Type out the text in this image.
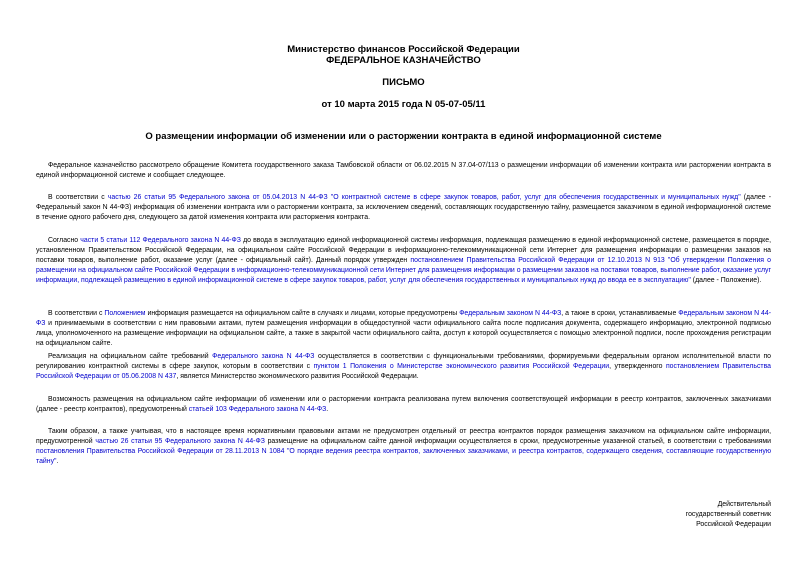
Министерство финансов Российской Федерации

ФЕДЕРАЛЬНОЕ КАЗНАЧЕЙСТВО

ПИСЬМО

от 10 марта 2015 года N 05-07-05/11

О размещении информации об изменении или о расторжении контракта в единой информационной системе

Федеральное казначейство рассмотрело обращение Комитета государственного заказа Тамбовской области от 06.02.2015 N 37.04-07/113 о размещении информации об изменении контракта или расторжении контракта в единой информационной системе и сообщает следующее.

В соответствии с частью 26 статьи 95 Федерального закона от 05.04.2013 N 44-ФЗ "О контрактной системе в сфере закупок товаров, работ, услуг для обеспечения государственных и муниципальных нужд" (далее - Федеральный закон N 44-ФЗ) информация об изменении контракта или о расторжении контракта, за исключением сведений, составляющих государственную тайну, размещается заказчиком в единой информационной системе в течение одного рабочего дня, следующего за датой изменения контракта или расторжения контракта.

Согласно части 5 статьи 112 Федерального закона N 44-ФЗ до ввода в эксплуатацию единой информационной системы информация, подлежащая размещению в единой информационной системе, размещается в порядке, установленном Правительством Российской Федерации, на официальном сайте Российской Федерации в информационно-телекоммуникационной сети Интернет для размещения информации о размещении заказов на поставки товаров, выполнение работ, оказание услуг (далее - официальный сайт). Данный порядок утвержден постановлением Правительства Российской Федерации от 12.10.2013 N 913 "Об утверждении Положения о размещении на официальном сайте Российской Федерации в информационно-телекоммуникационной сети Интернет для размещения информации о размещении заказов на поставки товаров, выполнение работ, оказание услуг информации, подлежащей размещению в единой информационной системе в сфере закупок товаров, работ, услуг для обеспечения государственных и муниципальных нужд до ввода ее в эксплуатацию" (далее - Положение).

В соответствии с Положением информация размещается на официальном сайте в случаях и лицами, которые предусмотрены Федеральным законом N 44-ФЗ, а также в сроки, устанавливаемые Федеральным законом N 44-ФЗ и принимаемыми в соответствии с ним правовыми актами, путем размещения информации в общедоступной части официального сайта после подписания документа, содержащего информацию, электронной подписью лица, уполномоченного на размещение информации на официальном сайте, а также в закрытой части официального сайта, доступ к которой осуществляется с помощью электронной подписи, после прохождения регистрации на официальном сайте.

Реализация на официальном сайте требований Федерального закона N 44-ФЗ осуществляется в соответствии с функциональными требованиями, формируемыми федеральным органом исполнительной власти по регулированию контрактной системы в сфере закупок, которым в соответствии с пунктом 1 Положения о Министерстве экономического развития Российской Федерации, утвержденного постановлением Правительства Российской Федерации от 05.06.2008 N 437, является Министерство экономического развития Российской Федерации.

Возможность размещения на официальном сайте информации об изменении или о расторжении контракта реализована путем включения соответствующей информации в реестр контрактов, заключенных заказчиками (далее - реестр контрактов), предусмотренный статьей 103 Федерального закона N 44-ФЗ.

Таким образом, а также учитывая, что в настоящее время нормативными правовыми актами не предусмотрен отдельный от реестра контрактов порядок размещения заказчиком на официальном сайте информации, предусмотренной частью 26 статьи 95 Федерального закона N 44-ФЗ размещение на официальном сайте данной информации осуществляется в сроки, предусмотренные указанной статьей, в соответствии с требованиями постановления Правительства Российской Федерации от 28.11.2013 N 1084 "О порядке ведения реестра контрактов, заключенных заказчиками, и реестра контрактов, содержащего сведения, составляющие государственную тайну".

Действительный
государственный советник
Российской Федерации
